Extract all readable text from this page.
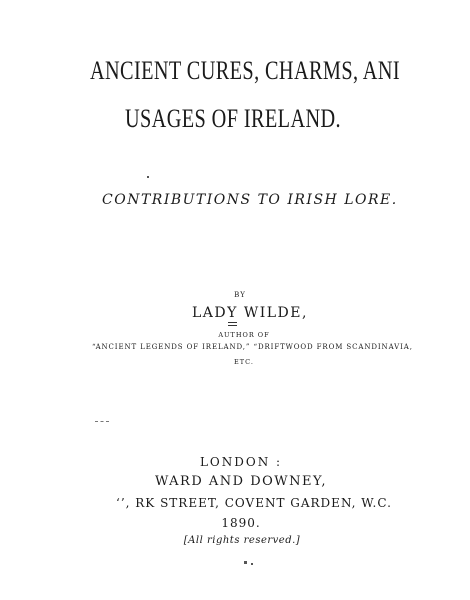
ANCIENT CURES, CHARMS, ANI
USAGES OF IRELAND.
CONTRIBUTIONS TO IRISH LORE.
BY
LADY WILDE,
AUTHOR OF
“ANCIENT LEGENDS OF IRELAND,” “DRIFTWOOD FROM SCANDINAVIA,
ETC.
LONDON :
WARD AND DOWNEY,
‘’, RK STREET, COVENT GARDEN, W.C.
1890.
[All rights reserved.]
